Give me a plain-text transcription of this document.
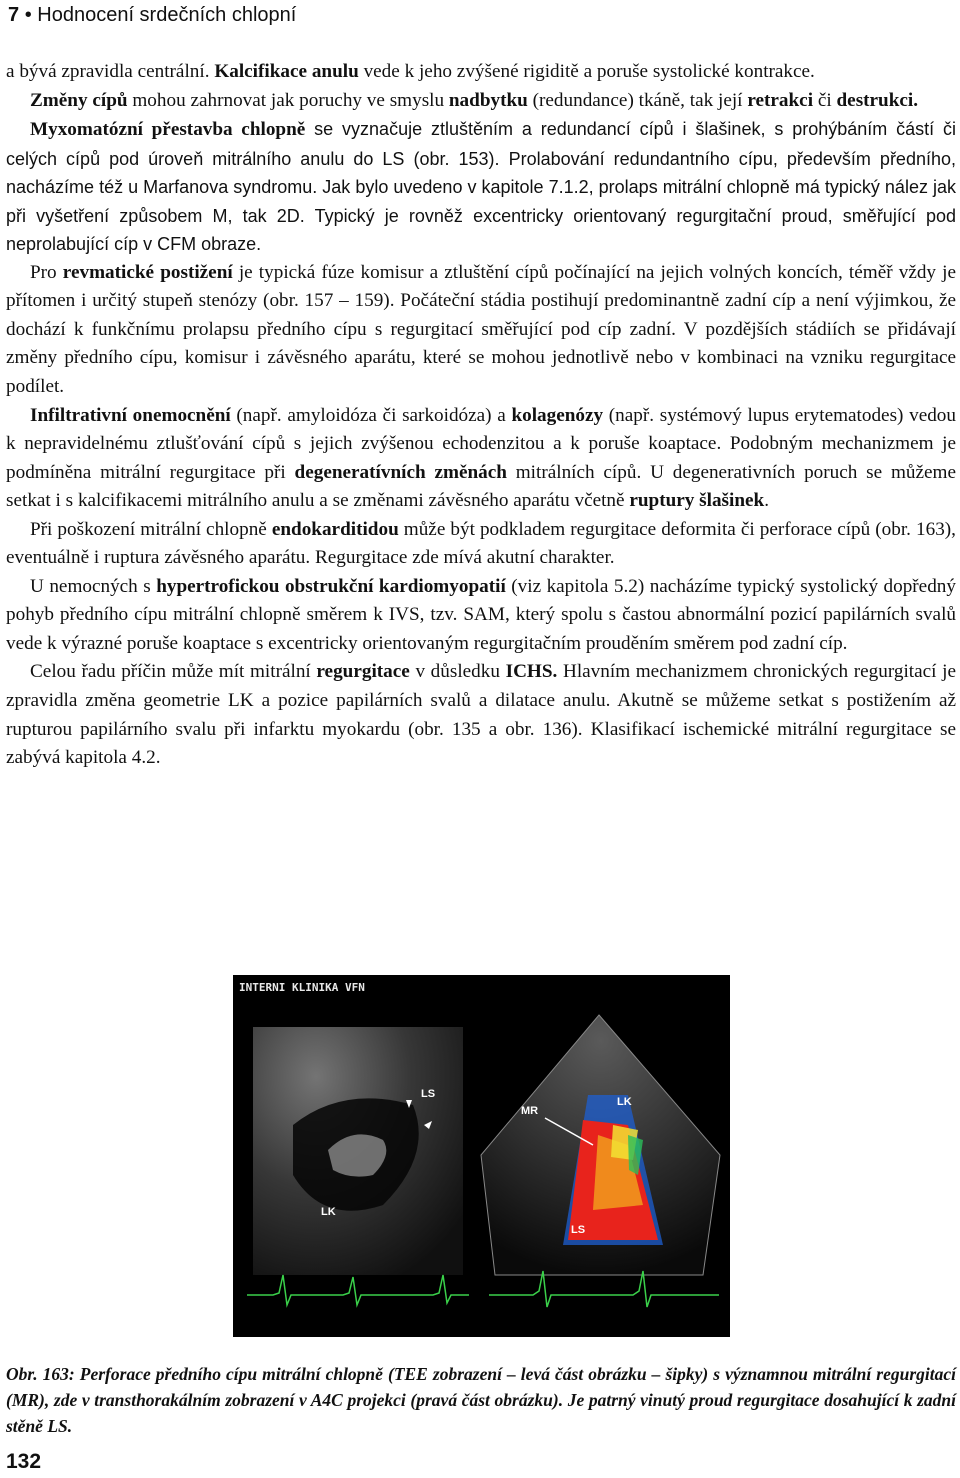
7 • Hodnocení srdečních chlopní

a bývá zpravidla centrální. Kalcifikace anulu vede k jeho zvýšené rigiditě a poruše systolické kontrakce.

Změny cípů mohou zahrnovat jak poruchy ve smyslu nadbytku (redundance) tkáně, tak její retrakci či destrukci.

Myxomatózní přestavba chlopně se vyznačuje ztluštěním a redundancí cípů i šlašinek, s prohýbáním částí či celých cípů pod úroveň mitrálního anulu do LS (obr. 153). Prolabování redundantního cípu, především předního, nacházíme též u Marfanova syndromu. Jak bylo uvedeno v kapitole 7.1.2, prolaps mitrální chlopně má typický nález jak při vyšetření způsobem M, tak 2D. Typický je rovněž excentricky orientovaný regurgitační proud, směřující pod neprolabující cíp v CFM obraze.

Pro revmatické postižení je typická fúze komisur a ztluštění cípů počínající na jejich volných koncích, téměř vždy je přítomen i určitý stupeň stenózy (obr. 157 – 159). Počáteční stádia postihují predominantně zadní cíp a není výjimkou, že dochází k funkčnímu prolapsu předního cípu s regurgitací směřující pod cíp zadní. V pozdějších stádiích se přidávají změny předního cípu, komisur i závěsného aparátu, které se mohou jednotlivě nebo v kombinaci na vzniku regurgitace podílet.

Infiltrativní onemocnění (např. amyloidóza či sarkoidóza) a kolagenózy (např. systémový lupus erytematodes) vedou k nepravidelnému ztlušťování cípů s jejich zvýšenou echodenzitou a k poruše koaptace. Podobným mechanizmem je podmíněna mitrální regurgitace při degeneratívních změnách mitrálních cípů. U degenerativních poruch se můžeme setkat i s kalcifikacemi mitrálního anulu a se změnami závěsného aparátu včetně ruptury šlašinek.

Při poškození mitrální chlopně endokarditidou může být podkladem regurgitace deformita či perforace cípů (obr. 163), eventuálně i ruptura závěsného aparátu. Regurgitace zde mívá akutní charakter.

U nemocných s hypertrofickou obstrukční kardiomyopatií (viz kapitola 5.2) nacházíme typický systolický dopředný pohyb předního cípu mitrální chlopně směrem k IVS, tzv. SAM, který spolu s častou abnormální pozicí papilárních svalů vede k výrazné poruše koaptace s excentricky orientovaným regurgitačním prouděním směrem pod zadní cíp.

Celou řadu příčin může mít mitrální regurgitace v důsledku ICHS. Hlavním mechanizmem chronických regurgitací je zpravidla změna geometrie LK a pozice papilárních svalů a dilatace anulu. Akutně se můžeme setkat s postižením až rupturou papilárního svalu při infarktu myokardu (obr. 135 a obr. 136). Klasifikací ischemické mitrální regurgitace se zabývá kapitola 4.2.

INTERNI KLINIKA VFN
LS
LK
MR
LK
LS
Obr. 163: Perforace předního cípu mitrální chlopně (TEE zobrazení – levá část obrázku – šipky) s významnou mitrální regurgitací (MR), zde v transthorakálním zobrazení v A4C projekci (pravá část obrázku). Je patrný vinutý proud regurgitace dosahující k zadní stěně LS.
132
